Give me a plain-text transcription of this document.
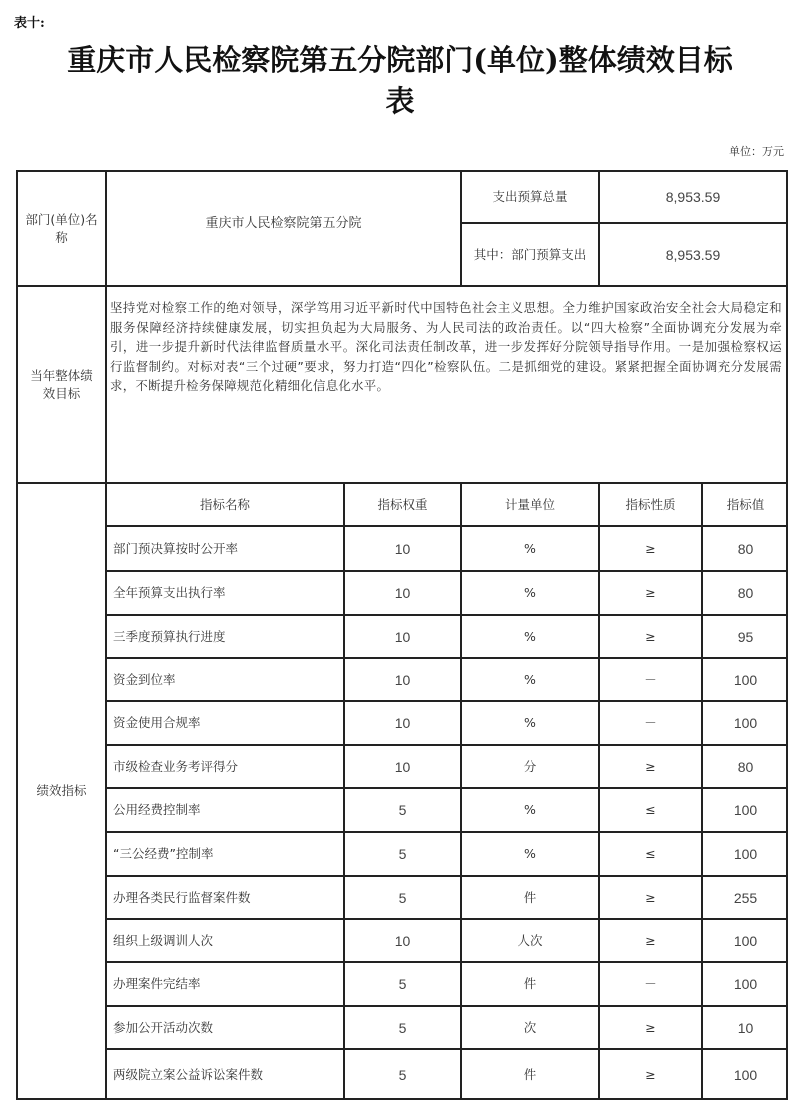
表十:
重庆市人民检察院第五分院部门(单位)整体绩效目标
表
单位：万元
部门(单位)名称
重庆市人民检察院第五分院
支出预算总量	8,953.59
其中：部门预算支出	8,953.59
当年整体绩效目标
坚持党对检察工作的绝对领导，深学笃用习近平新时代中国特色社会主义思想。全力维护国家政治安全社会大局稳定和服务保障经济持续健康发展，切实担负起为大局服务、为人民司法的政治责任。以“四大检察”全面协调充分发展为牵引，进一步提升新时代法律监督质量水平。深化司法责任制改革，进一步发挥好分院领导指导作用。一是加强检察权运行监督制约。对标对表“三个过硬”要求，努力打造“四化”检察队伍。二是抓细党的建设。紧紧把握全面协调充分发展需求，不断提升检务保障规范化精细化信息化水平。
绩效指标
指标名称	指标权重	计量单位	指标性质	指标值
部门预决算按时公开率	10	%	≥	80
全年预算支出执行率	10	%	≥	80
三季度预算执行进度	10	%	≥	95
资金到位率	10	%	－	100
资金使用合规率	10	%	－	100
市级检查业务考评得分	10	分	≥	80
公用经费控制率	5	%	≤	100
“三公经费”控制率	5	%	≤	100
办理各类民行监督案件数	5	件	≥	255
组织上级调训人次	10	人次	≥	100
办理案件完结率	5	件	－	100
参加公开活动次数	5	次	≥	10
两级院立案公益诉讼案件数	5	件	≥	100
